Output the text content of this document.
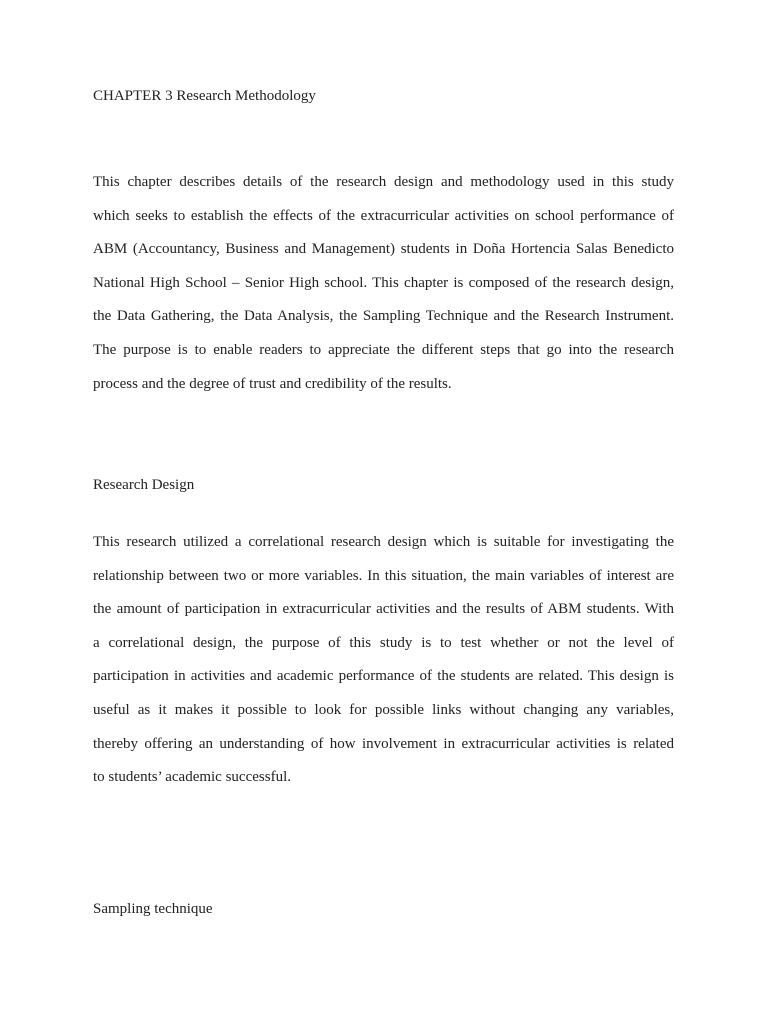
CHAPTER 3 Research Methodology

This chapter describes details of the research design and methodology used in this study
which seeks to establish the effects of the extracurricular activities on school performance of
ABM (Accountancy, Business and Management) students in Doña Hortencia Salas Benedicto
National High School – Senior High school. This chapter is composed of the research design,
the Data Gathering, the Data Analysis, the Sampling Technique and the Research Instrument.
The purpose is to enable readers to appreciate the different steps that go into the research
process and the degree of trust and credibility of the results.

Research Design

This research utilized a correlational research design which is suitable for investigating the
relationship between two or more variables. In this situation, the main variables of interest are
the amount of participation in extracurricular activities and the results of ABM students. With
a correlational design, the purpose of this study is to test whether or not the level of
participation in activities and academic performance of the students are related. This design is
useful as it makes it possible to look for possible links without changing any variables,
thereby offering an understanding of how involvement in extracurricular activities is related
to students’ academic successful.

Sampling technique
